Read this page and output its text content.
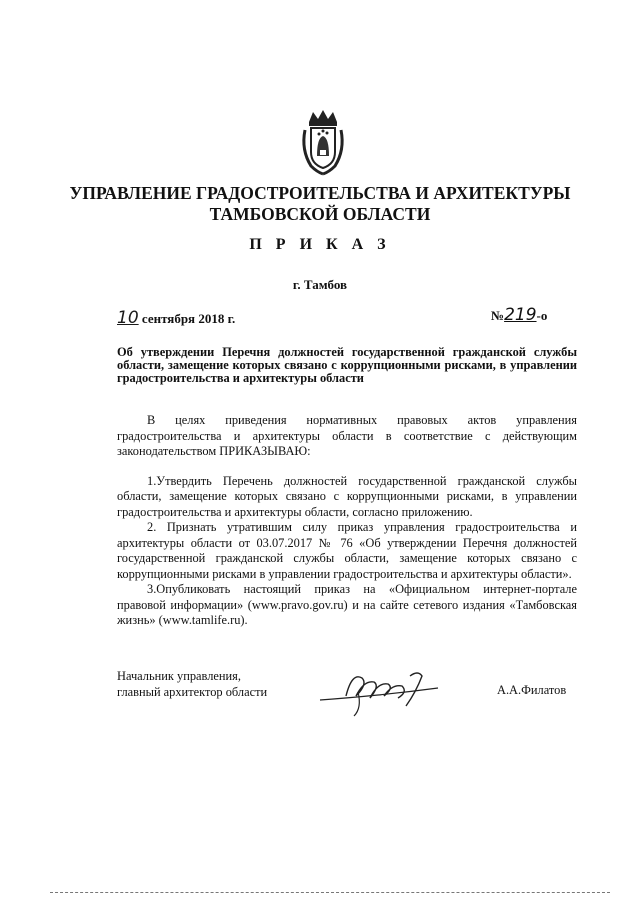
УПРАВЛЕНИЕ ГРАДОСТРОИТЕЛЬСТВА И АРХИТЕКТУРЫ
ТАМБОВСКОЙ ОБЛАСТИ
П Р И К А З
г. Тамбов
10 сентября 2018 г.	№219-о
Об утверждении Перечня должностей государственной гражданской службы области, замещение которых связано с коррупционными рисками, в управлении градостроительства и архитектуры области

В целях приведения нормативных правовых актов управления градостроительства и архитектуры области в соответствие с действующим законодательством ПРИКАЗЫВАЮ:

1.Утвердить Перечень должностей государственной гражданской службы области, замещение которых связано с коррупционными рисками, в управлении градостроительства и архитектуры области, согласно приложению.

2. Признать утратившим силу приказ управления градостроительства и архитектуры области от 03.07.2017 № 76 «Об утверждении Перечня должностей государственной гражданской службы области, замещение которых связано с коррупционными рисками в управлении градостроительства и архитектуры области».

3.Опубликовать настоящий приказ на «Официальном интернет-портале правовой информации» (www.pravo.gov.ru) и на сайте сетевого издания «Тамбовская жизнь» (www.tamlife.ru).

Начальник управления,
главный архитектор области	А.А.Филатов
